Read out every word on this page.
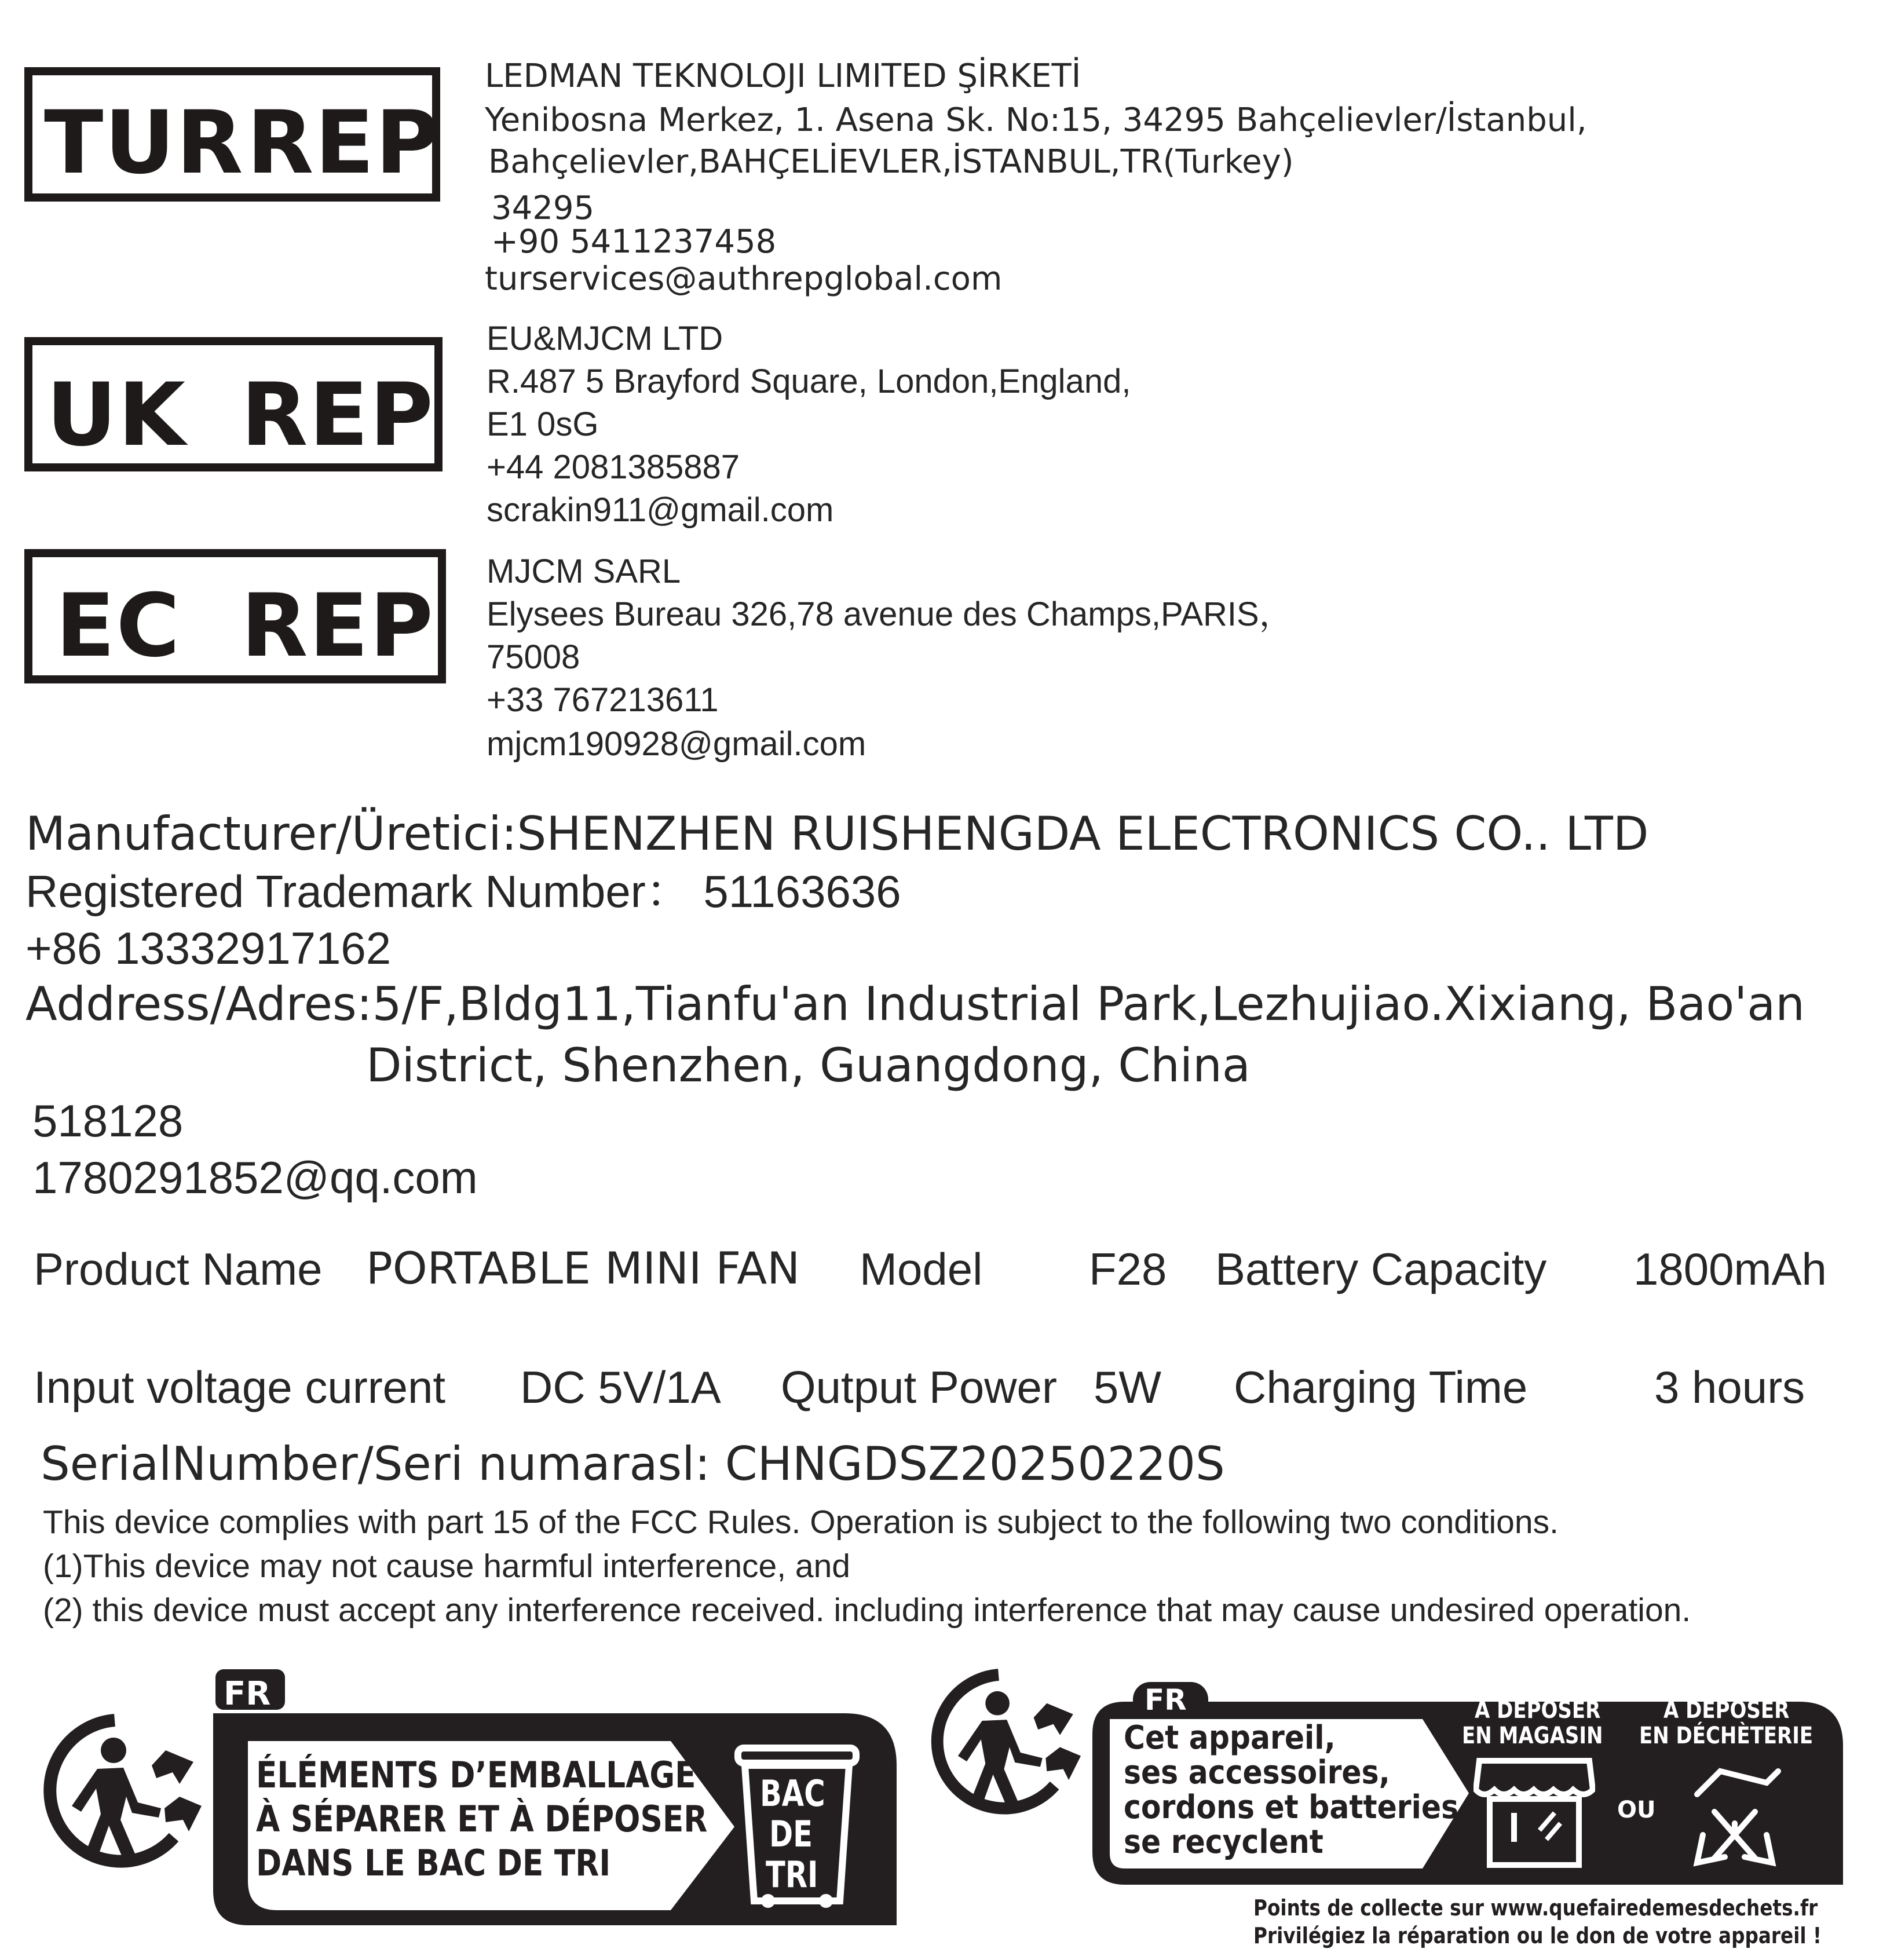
TUR REP
LEDMAN TEKNOLOJI LIMITED ŞİRKETİ
Yenibosna Merkez, 1. Asena Sk. No:15, 34295 Bahçelievler/İstanbul,
Bahçelievler,BAHÇELİEVLER,İSTANBUL,TR(Turkey)
34295
+90 5411237458
turservices@authrepglobal.com
UK REP
EU&MJCM LTD
R.487 5 Brayford Square, London,England,
E1 0sG
+44 2081385887
scrakin911@gmail.com
EC REP
MJCM SARL
Elysees Bureau 326,78 avenue des Champs,PARIS，
75008
+33 767213611
mjcm190928@gmail.com
Manufacturer/Üretici:SHENZHEN RUISHENGDA ELECTRONICS CO.. LTD
Registered Trademark Number： 51163636
+86 13332917162
Address/Adres:5/F,Bldg11,Tianfu'an Industrial Park,Lezhujiao.Xixiang, Bao'an
District, Shenzhen, Guangdong, China
518128
1780291852@qq.com
Product Name PORTABLE MINI FAN Model F28 Battery Capacity 1800mAh
Input voltage current DC 5V/1A Qutput Power 5W Charging Time	3 hours
SerialNumber/Seri numarasl: CHNGDSZ20250220S
This device complies with part 15 of the FCC Rules. Operation is subject to the following two conditions.
(1)This device may not cause harmful interference, and
(2) this device must accept any interference received. including interference that may cause undesired operation.
FR
ÉLÉMENTS D’EMBALLAGE
À SÉPARER ET À DÉPOSER
DANS LE BAC DE TRI
BAC
DE
TRI
FR
Cet appareil,
ses accessoires,
cordons et batteries
se recyclent
À DÉPOSER
EN MAGASIN
OU
À DÉPOSER
EN DÉCHÈTERIE
Points de collecte sur www.quefairedemesdechets.fr
Privilégiez la réparation ou le don de votre appareil !
